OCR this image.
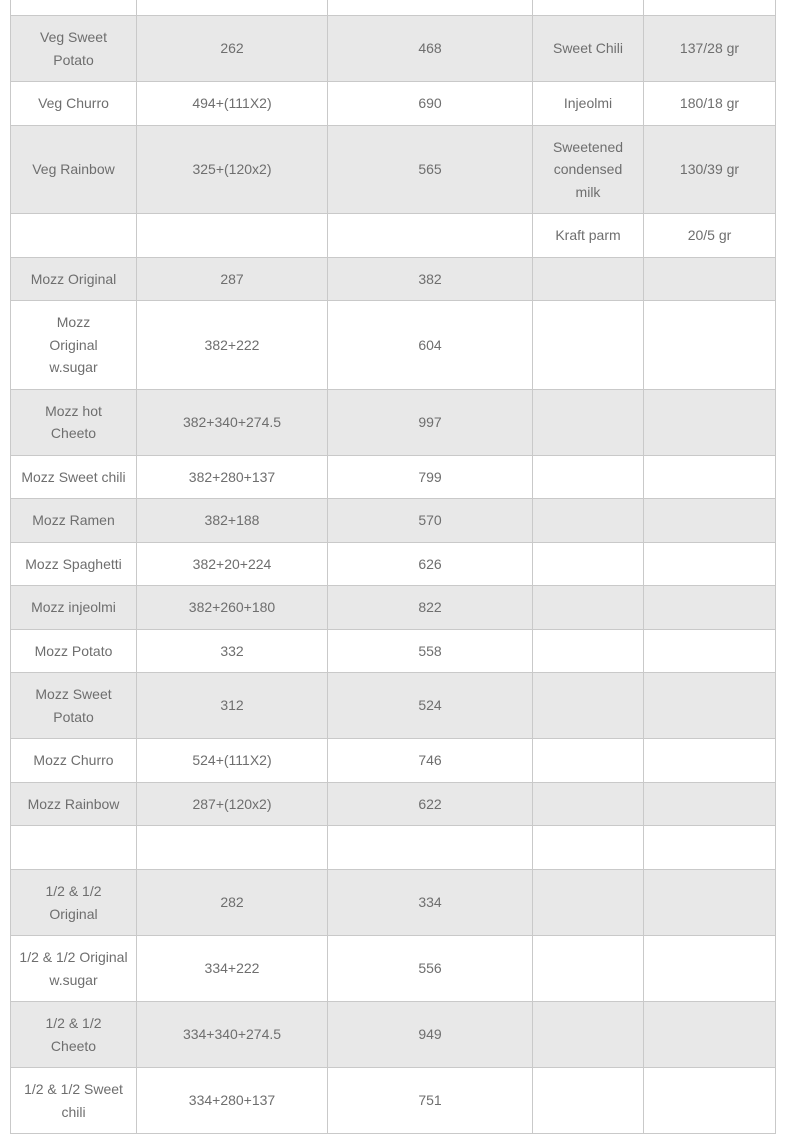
Veg Sweet Potato	262	468	Sweet Chili	137/28 gr
Veg Churro	494+(111X2)	690	Injeolmi	180/18 gr
Veg Rainbow	325+(120x2)	565	Sweetened condensed milk	130/39 gr
			Kraft parm	20/5 gr
Mozz Original	287	382		
Mozz Original w.sugar	382+222	604		
Mozz hot Cheeto	382+340+274.5	997		
Mozz Sweet chili	382+280+137	799		
Mozz Ramen	382+188	570		
Mozz Spaghetti	382+20+224	626		
Mozz injeolmi	382+260+180	822		
Mozz Potato	332	558		
Mozz Sweet Potato	312	524		
Mozz Churro	524+(111X2)	746		
Mozz Rainbow	287+(120x2)	622		

1/2 & 1/2 Original	282	334		
1/2 & 1/2 Original w.sugar	334+222	556		
1/2 & 1/2 Cheeto	334+340+274.5	949		
1/2 & 1/2 Sweet chili	334+280+137	751		
